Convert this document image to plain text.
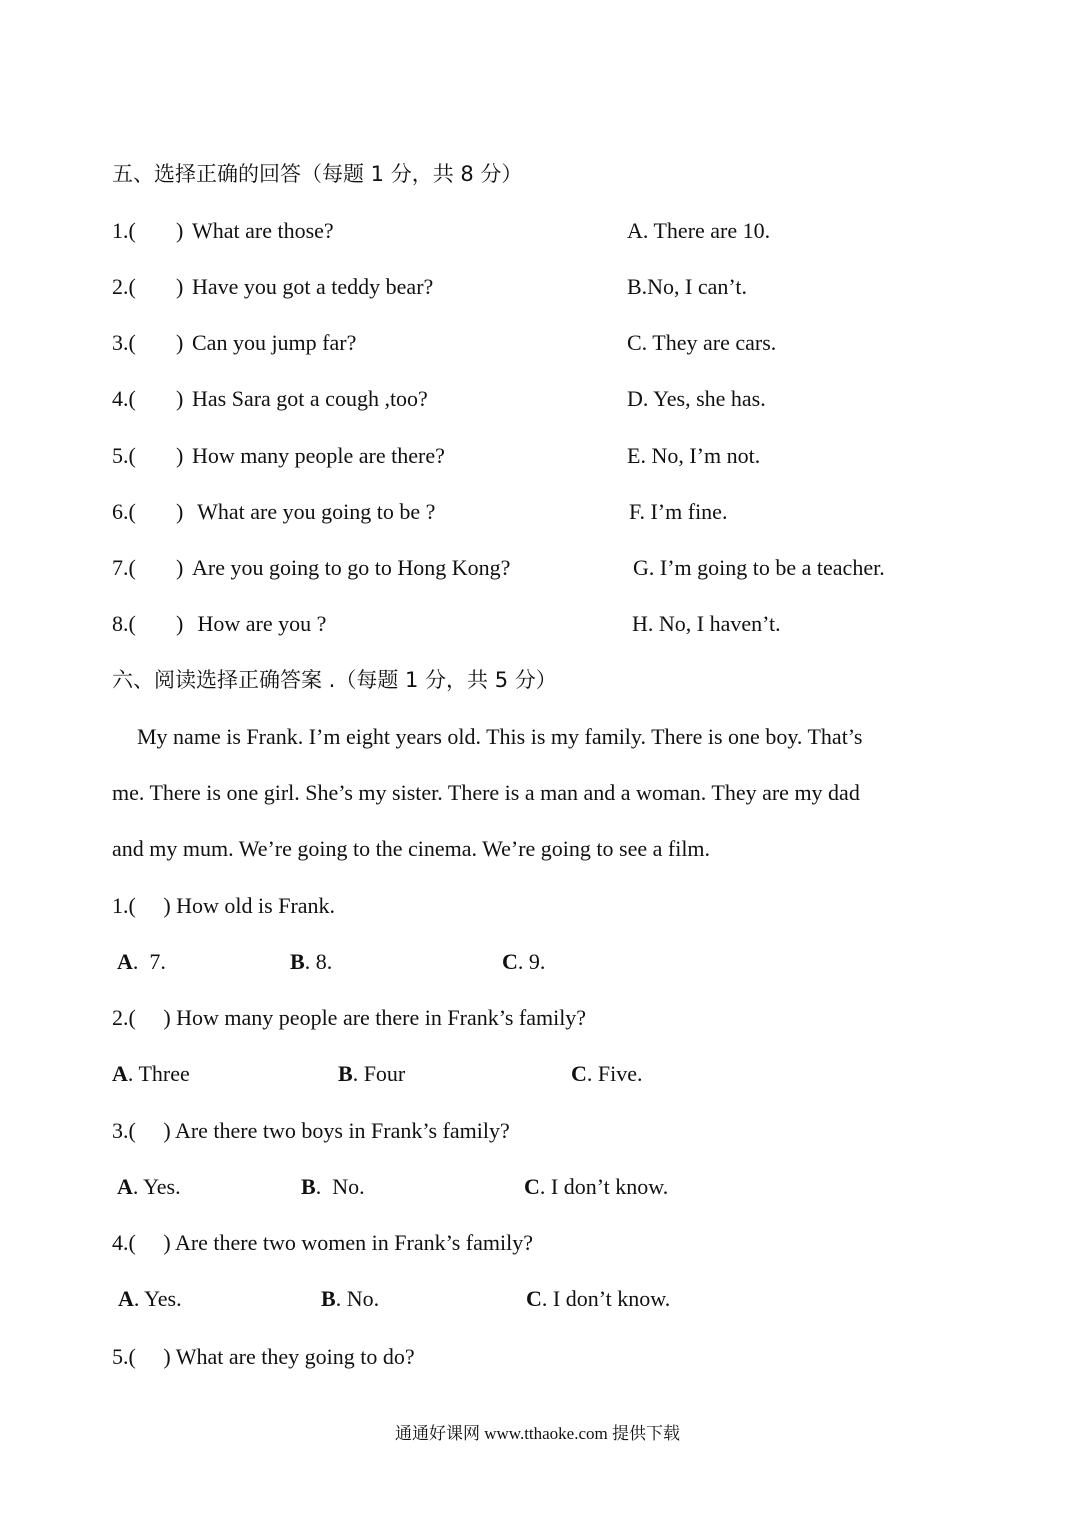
五、选择正确的回答（每题 1 分，共 8 分）
1.( ) What are those?	A. There are 10.
2.( ) Have you got a teddy bear?	B.No, I can’t.
3.( ) Can you jump far?	C. They are cars.
4.( ) Has Sara got a cough ,too?	D. Yes, she has.
5.( ) How many people are there?	E. No, I’m not.
6.( ) What are you going to be ?	F. I’m fine.
7.( ) Are you going to go to Hong Kong?	G. I’m going to be a teacher.
8.( ) How are you ?	H. No, I haven’t.
六、阅读选择正确答案 .（每题 1 分，共 5 分）
My name is Frank. I’m eight years old. This is my family. There is one boy. That’s
me. There is one girl. She’s my sister. There is a man and a woman. They are my dad
and my mum. We’re going to the cinema. We’re going to see a film.
1.(     ) How old is Frank.
A.  7.	B. 8.	C. 9.
2.(     ) How many people are there in Frank’s family?
A. Three	B. Four	C. Five.
3.(     ) Are there two boys in Frank’s family?
A. Yes.	B.  No.	C. I don’t know.
4.(     ) Are there two women in Frank’s family?
A. Yes.	B. No.	C. I don’t know.
5.(     ) What are they going to do?
通通好课网 www.tthaoke.com 提供下载
